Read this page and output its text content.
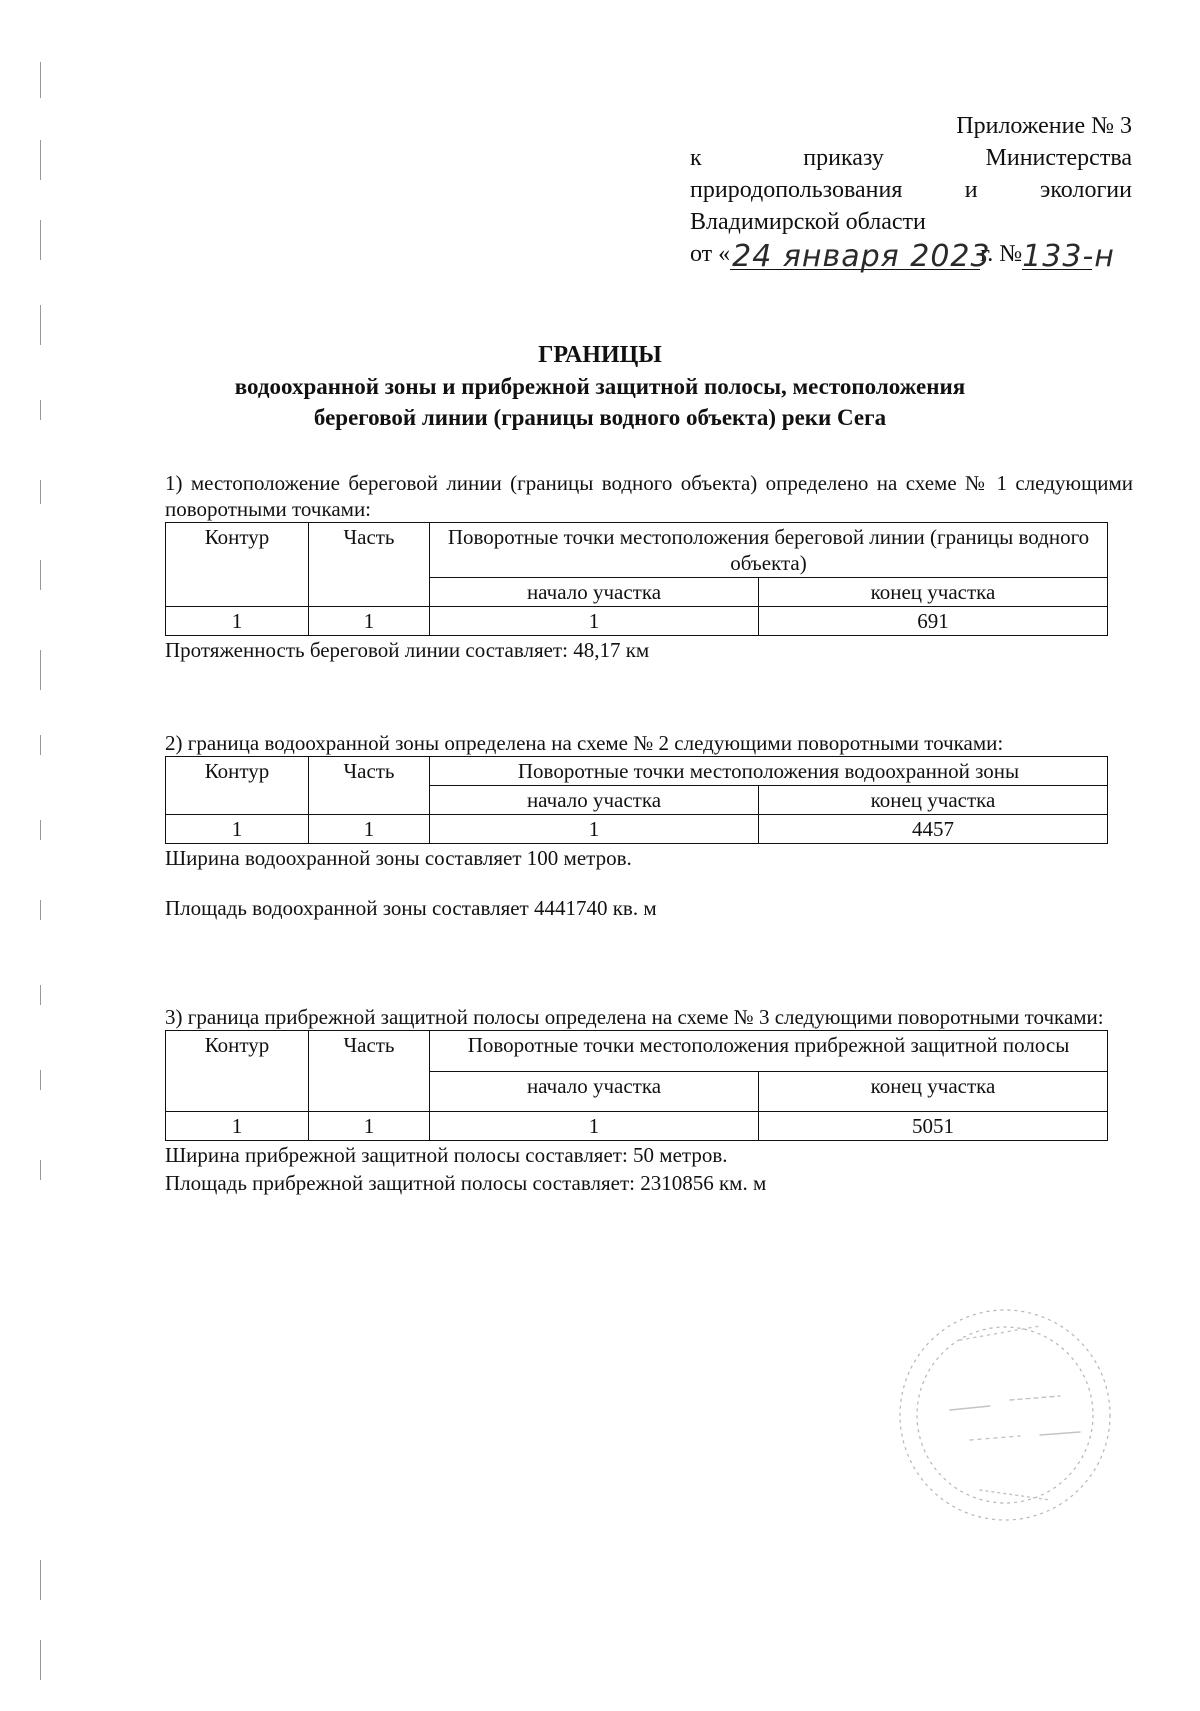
Приложение № 3
к	приказу	Министерства
природопользования	и	экологии
Владимирской области
от « 24 января 2023
г. № 133-н
ГРАНИЦЫ
водоохранной зоны и прибрежной защитной полосы, местоположения
береговой линии (границы водного объекта) реки Сега
1) местоположение береговой линии (границы водного объекта) определено на схеме № 1 следующими поворотными точками:
Контур	Часть	Поворотные точки местоположения береговой линии (границы водного объекта)	
		начало участка	конец участка
1	1	1	691
Протяженность береговой линии составляет: 48,17 км
2) граница водоохранной зоны определена на схеме № 2 следующими поворотными точками:
Контур	Часть	Поворотные точки местоположения водоохранной зоны	
		начало участка	конец участка
1	1	1	4457
Ширина водоохранной зоны составляет 100 метров.
Площадь водоохранной зоны составляет 4441740 кв. м
3) граница прибрежной защитной полосы определена на схеме № 3 следующими поворотными точками:
Контур	Часть	Поворотные точки местоположения прибрежной защитной полосы	
		начало участка	конец участка
1	1	1	5051
Ширина прибрежной защитной полосы составляет: 50 метров.
Площадь прибрежной защитной полосы составляет: 2310856 км. м
